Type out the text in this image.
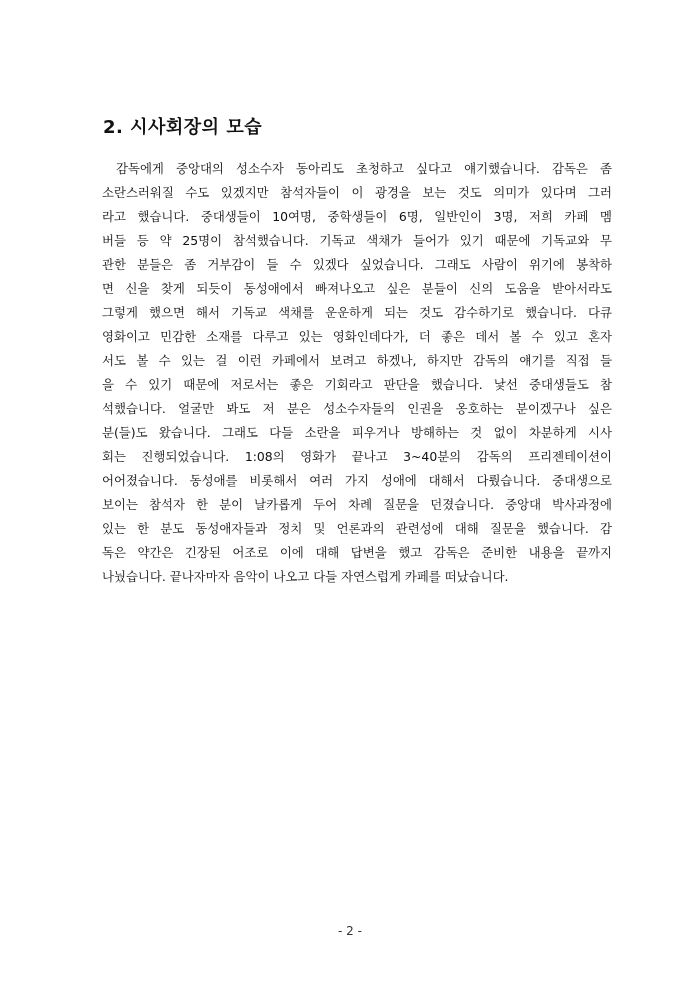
2. 시사회장의 모습
감독에게 중앙대의 성소수자 동아리도 초청하고 싶다고 얘기했습니다. 감독은 좀
소란스러워질 수도 있겠지만 참석자들이 이 광경을 보는 것도 의미가 있다며 그러
라고 했습니다. 중대생들이 10여명, 중학생들이 6명, 일반인이 3명, 저희 카페 멤
버들 등 약 25명이 참석했습니다. 기독교 색채가 들어가 있기 때문에 기독교와 무
관한 분들은 좀 거부감이 들 수 있겠다 싶었습니다. 그래도 사람이 위기에 봉착하
면 신을 찾게 되듯이 동성애에서 빠져나오고 싶은 분들이 신의 도움을 받아서라도
그렇게 했으면 해서 기독교 색채를 운운하게 되는 것도 감수하기로 했습니다. 다큐
영화이고 민감한 소재를 다루고 있는 영화인데다가, 더 좋은 데서 볼 수 있고 혼자
서도 볼 수 있는 걸 이런 카페에서 보려고 하겠나, 하지만 감독의 얘기를 직접 들
을 수 있기 때문에 저로서는 좋은 기회라고 판단을 했습니다. 낯선 중대생들도 참
석했습니다. 얼굴만 봐도 저 분은 성소수자들의 인권을 옹호하는 분이겠구나 싶은
분(들)도 왔습니다. 그래도 다들 소란을 피우거나 방해하는 것 없이 차분하게 시사
회는 진행되었습니다. 1:08의 영화가 끝나고 3~40분의 감독의 프리젠테이션이
어어졌습니다. 동성애를 비롯해서 여러 가지 성애에 대해서 다뤘습니다. 중대생으로
보이는 참석자 한 분이 날카롭게 두어 차례 질문을 던졌습니다. 중앙대 박사과정에
있는 한 분도 동성애자들과 정치 및 언론과의 관련성에 대해 질문을 했습니다. 감
독은 약간은 긴장된 어조로 이에 대해 답변을 했고 감독은 준비한 내용을 끝까지
나눴습니다. 끝나자마자 음악이 나오고 다들 자연스럽게 카페를 떠났습니다.
- 2 -
